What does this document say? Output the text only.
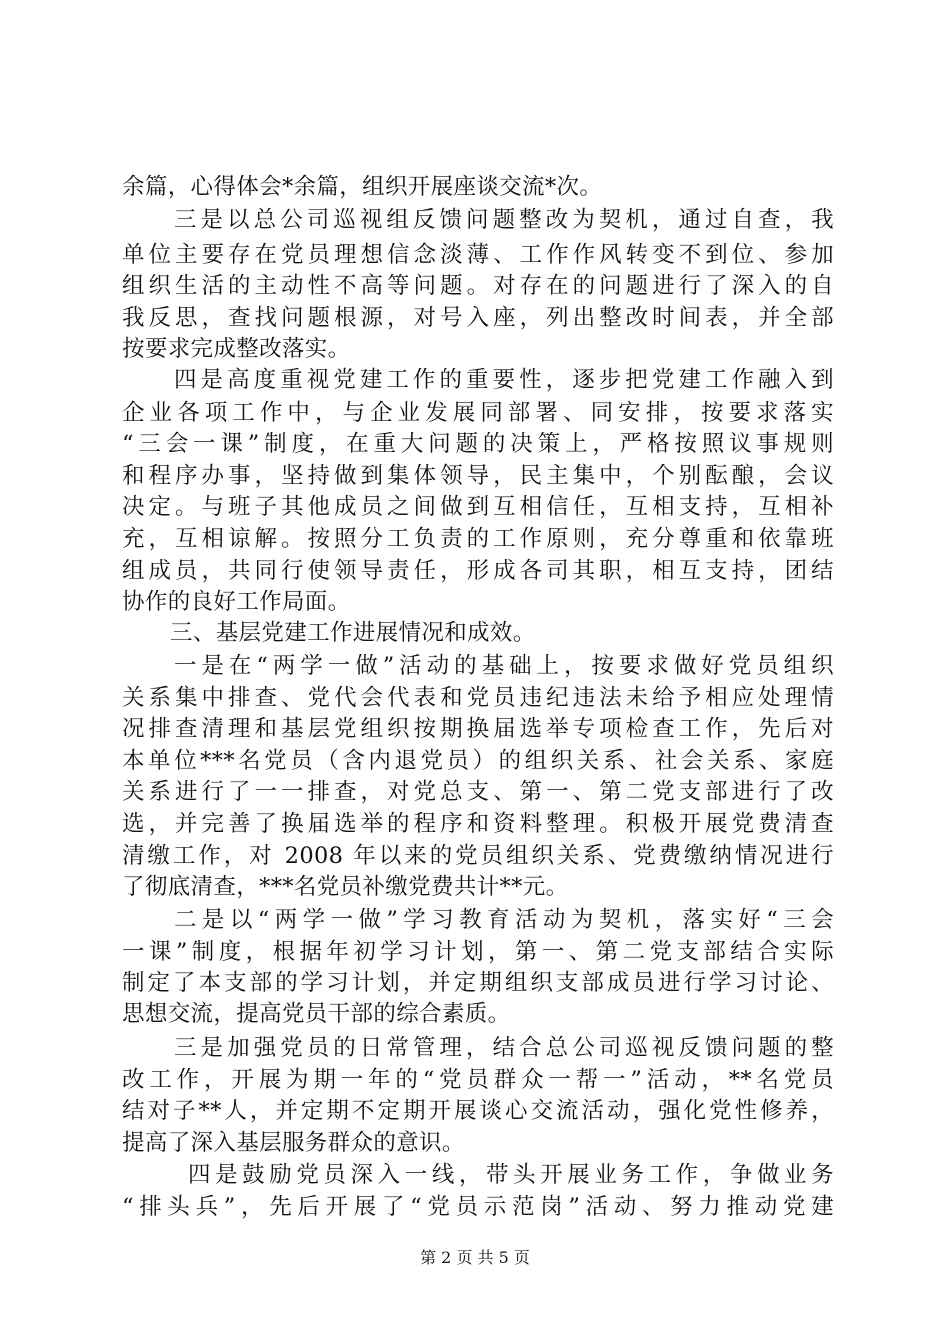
余篇，心得体会*余篇，组织开展座谈交流*次。
三是以总公司巡视组反馈问题整改为契机，通过自查，我
单位主要存在党员理想信念淡薄、工作作风转变不到位、参加
组织生活的主动性不高等问题。对存在的问题进行了深入的自
我反思，查找问题根源，对号入座，列出整改时间表，并全部
按要求完成整改落实。
四是高度重视党建工作的重要性，逐步把党建工作融入到
企业各项工作中，与企业发展同部署、同安排，按要求落实
“三会一课”制度，在重大问题的决策上，严格按照议事规则
和程序办事，坚持做到集体领导，民主集中，个别酝酿，会议
决定。与班子其他成员之间做到互相信任，互相支持，互相补
充，互相谅解。按照分工负责的工作原则，充分尊重和依靠班
组成员，共同行使领导责任，形成各司其职，相互支持，团结
协作的良好工作局面。
三、基层党建工作进展情况和成效。
一是在“两学一做”活动的基础上，按要求做好党员组织
关系集中排查、党代会代表和党员违纪违法未给予相应处理情
况排查清理和基层党组织按期换届选举专项检查工作，先后对
本单位***名党员（含内退党员）的组织关系、社会关系、家庭
关系进行了一一排查，对党总支、第一、第二党支部进行了改
选，并完善了换届选举的程序和资料整理。积极开展党费清查
清缴工作，对 2008 年以来的党员组织关系、党费缴纳情况进行
了彻底清查，***名党员补缴党费共计**元。
二是以“两学一做”学习教育活动为契机，落实好“三会
一课”制度，根据年初学习计划，第一、第二党支部结合实际
制定了本支部的学习计划，并定期组织支部成员进行学习讨论、
思想交流，提高党员干部的综合素质。
三是加强党员的日常管理，结合总公司巡视反馈问题的整
改工作，开展为期一年的“党员群众一帮一”活动，**名党员
结对子**人，并定期不定期开展谈心交流活动，强化党性修养，
提高了深入基层服务群众的意识。
四是鼓励党员深入一线，带头开展业务工作，争做业务
“排头兵”，先后开展了“党员示范岗”活动、努力推动党建
第 2 页 共 5 页
